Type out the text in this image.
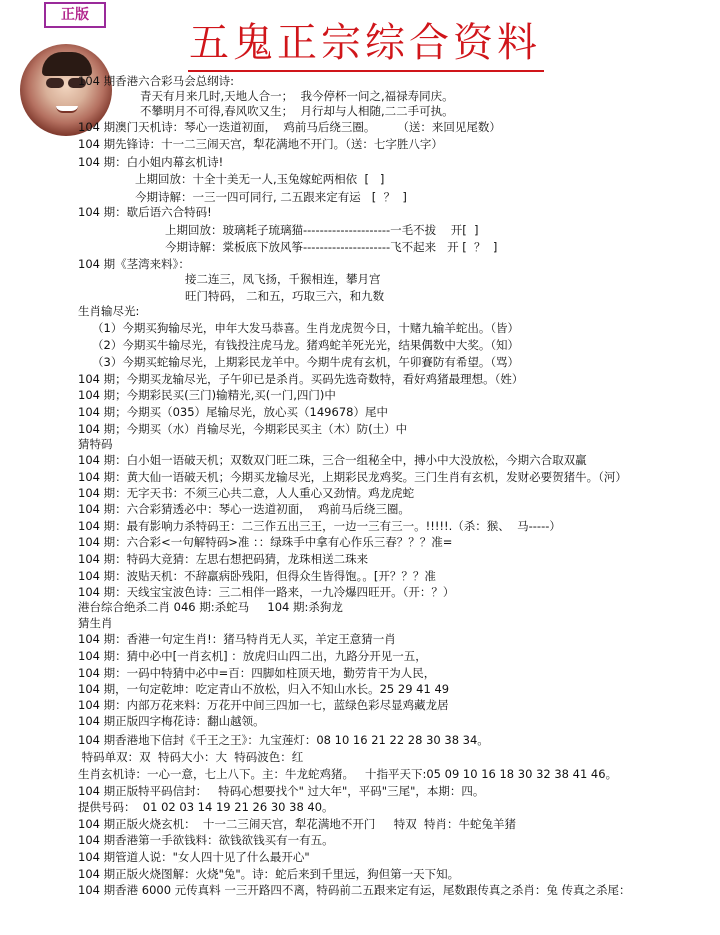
正版
五鬼正宗综合资料
104 期香港六合彩马会总纲诗:
青天有月来几时,天地人合一；  我今停杯一问之,福禄寿同庆。
不攀明月不可得,春风吹又生；  月行却与人相随,二二手可执。
104 期澳门天机诗：琴心一迭道初面，  鸡前马后绕三圈。      （送：来回见尾数）
104 期先锋诗：十一二三闹天宫，犁花满地不开门。（送：七字胜八字）
104 期：白小姐内幕玄机诗!
上期回放：十全十美无一人,玉兔嫁蛇两相依  [   ]
今期诗解：一三一四可同行, 二五跟来定有运   [  ？  ]
104 期：歇后语六合特码!
上期回放：玻璃耗子琉璃猫---------------------一毛不拔    开[  ]
今期诗解：棠板底下放风筝---------------------飞不起来   开 [  ？  ]
104 期《茎湾来料》：
接二连三，凤飞扬，千猴相连，攀月宫
旺门特码， 二和五，巧取三六，和九数
生肖输尽光:
（1）今期买狗输尽光，申年大发马恭喜。生肖龙虎贺今日，十赌九输羊蛇出。（皆）
（2）今期买牛输尽光，有钱投注虎马龙。猪鸡蛇羊死光光，结果偶数中大奖。（知）
（3）今期买蛇输尽光，上期彩民龙羊中。今期牛虎有玄机，午卯賽防有希望。（骂）
104 期；今期买龙输尽光，子午卯已是杀肖。买码先选奇数特，看好鸡猪最理想。（姓）
104 期；今期彩民买(三门)输精光,买(一门,四门)中
104 期；今期买（035）尾输尽光，放心买（149678）尾中
104 期；今期买（水）肖输尽光，今期彩民买主（木）防(土）中
猜特码
104 期：白小姐一语破天机；双数双门旺二珠，三合一组秘全中，搏小中大没放松，今期六合取双赢
104 期：黄大仙一语破天机；今期买龙输尽光，上期彩民龙鸡奖。三门生肖有玄机，发财必要贺猪牛。（河）
104 期：无字天书：不须三心共二意，人人重心又劲情。鸡龙虎蛇
104 期：六合彩猜透必中：琴心一迭道初面，  鸡前马后绕三圈。
104 期：最有影响力杀特码王：二三作五出三王，一边一三有三一。!!!!!.（杀：猴、  马-----）
104 期：六合彩<一句解特码>准 ：：绿珠手中拿有心作乐三春？？？准=
104 期：特码大竞猜：左思右想把码猜，龙珠相送二珠来
104 期：波贴天机：不辞羸病卧残阳，但得众生皆得饱。。[开？？？准
104 期：天线宝宝波色诗：三二相伴一路来，一九冷爆四旺开。（开：？）
港台综合绝杀二肖 046 期:杀蛇马     104 期:杀狗龙
猜生肖
104 期：香港一句定生肖!：猪马特肖无人买，羊定王意猜一肖
104 期：猜中必中[一肖玄机] ：放虎归山四二出，九路分开见一五，
104 期：一码中特猜中必中=百：四脚如柱顶天地，勤劳肯干为人民，
104 期，一句定乾坤：吃定青山不放松，归入不知山水长。25 29 41 49
104 期：内部万花来料：万花开中间三四加一七，蓝绿色彩尽显鸡藏龙居
104 期正版四字梅花诗：翻山越领。
104 期香港地下信封《千王之王》：九宝莲灯：08 10 16 21 22 28 30 38 34。
特码单双：双  特码大小：大  特码波色：红
生肖玄机诗：一心一意，七上八下。主：牛龙蛇鸡猪。   十指平天下:05 09 10 16 18 30 32 38 41 46。
104 期正版特平码信封：   特码心想要找个" 过大年"，平码"三尾"，本期：四。
提供号码：  01 02 03 14 19 21 26 30 38 40。
104 期正版火烧玄机：  十一二三闹天宫，犁花满地不开门     特双  特肖：牛蛇兔羊猪
104 期香港第一手欲钱料：欲钱欲钱买有一有五。
104 期管道人说："女人四十见了什么最开心"
104 期正版火烧图解：火烧"兔"。诗：蛇后来到千里远，狗但第一天下知。
104 期香港 6000 元传真料 一三开路四不离，特码前二五跟来定有运，尾数跟传真之杀肖：兔 传真之杀尾：
